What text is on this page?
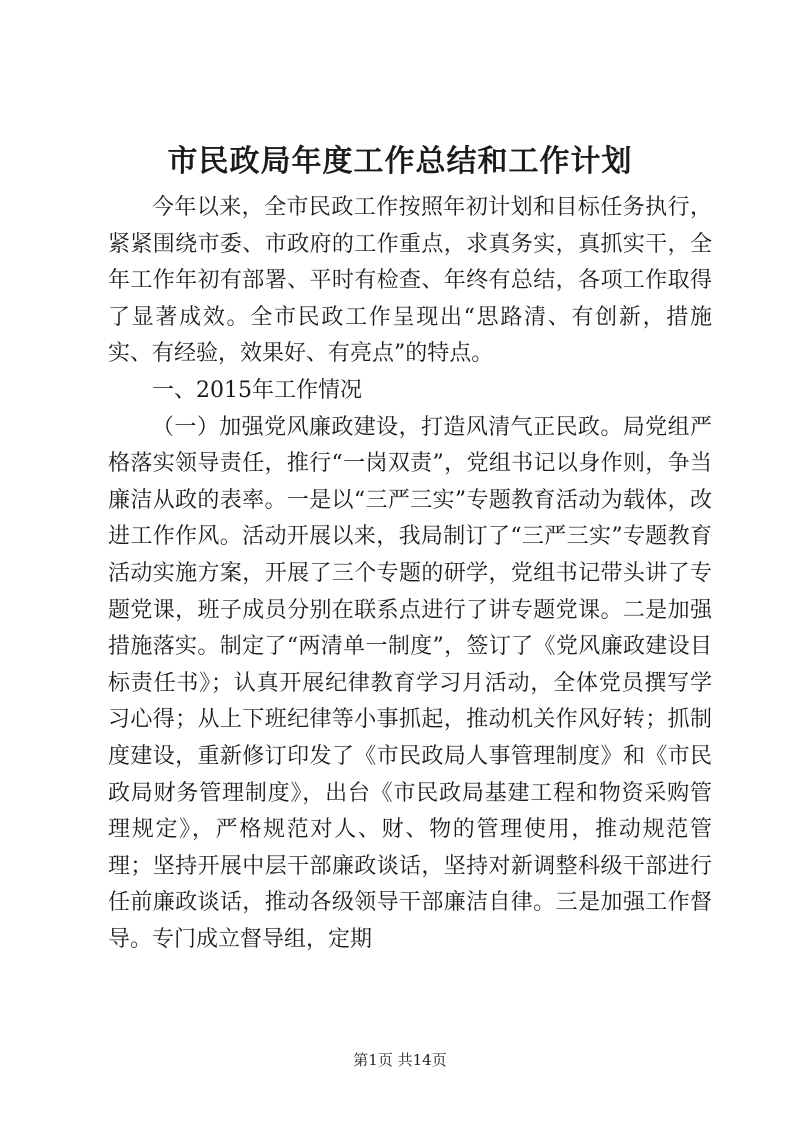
市民政局年度工作总结和工作计划

今年以来，全市民政工作按照年初计划和目标任务执行，紧紧围绕市委、市政府的工作重点，求真务实，真抓实干，全年工作年初有部署、平时有检查、年终有总结，各项工作取得了显著成效。全市民政工作呈现出“思路清、有创新，措施实、有经验，效果好、有亮点”的特点。

一、2015年工作情况

（一）加强党风廉政建设，打造风清气正民政。局党组严格落实领导责任，推行“一岗双责”，党组书记以身作则，争当廉洁从政的表率。一是以“三严三实”专题教育活动为载体，改进工作作风。活动开展以来，我局制订了“三严三实”专题教育活动实施方案，开展了三个专题的研学，党组书记带头讲了专题党课，班子成员分别在联系点进行了讲专题党课。二是加强措施落实。制定了“两清单一制度”，签订了《党风廉政建设目标责任书》；认真开展纪律教育学习月活动，全体党员撰写学习心得；从上下班纪律等小事抓起，推动机关作风好转；抓制度建设，重新修订印发了《市民政局人事管理制度》和《市民政局财务管理制度》，出台《市民政局基建工程和物资采购管理规定》，严格规范对人、财、物的管理使用，推动规范管理；坚持开展中层干部廉政谈话，坚持对新调整科级干部进行任前廉政谈话，推动各级领导干部廉洁自律。三是加强工作督导。专门成立督导组，定期

第1页 共14页
